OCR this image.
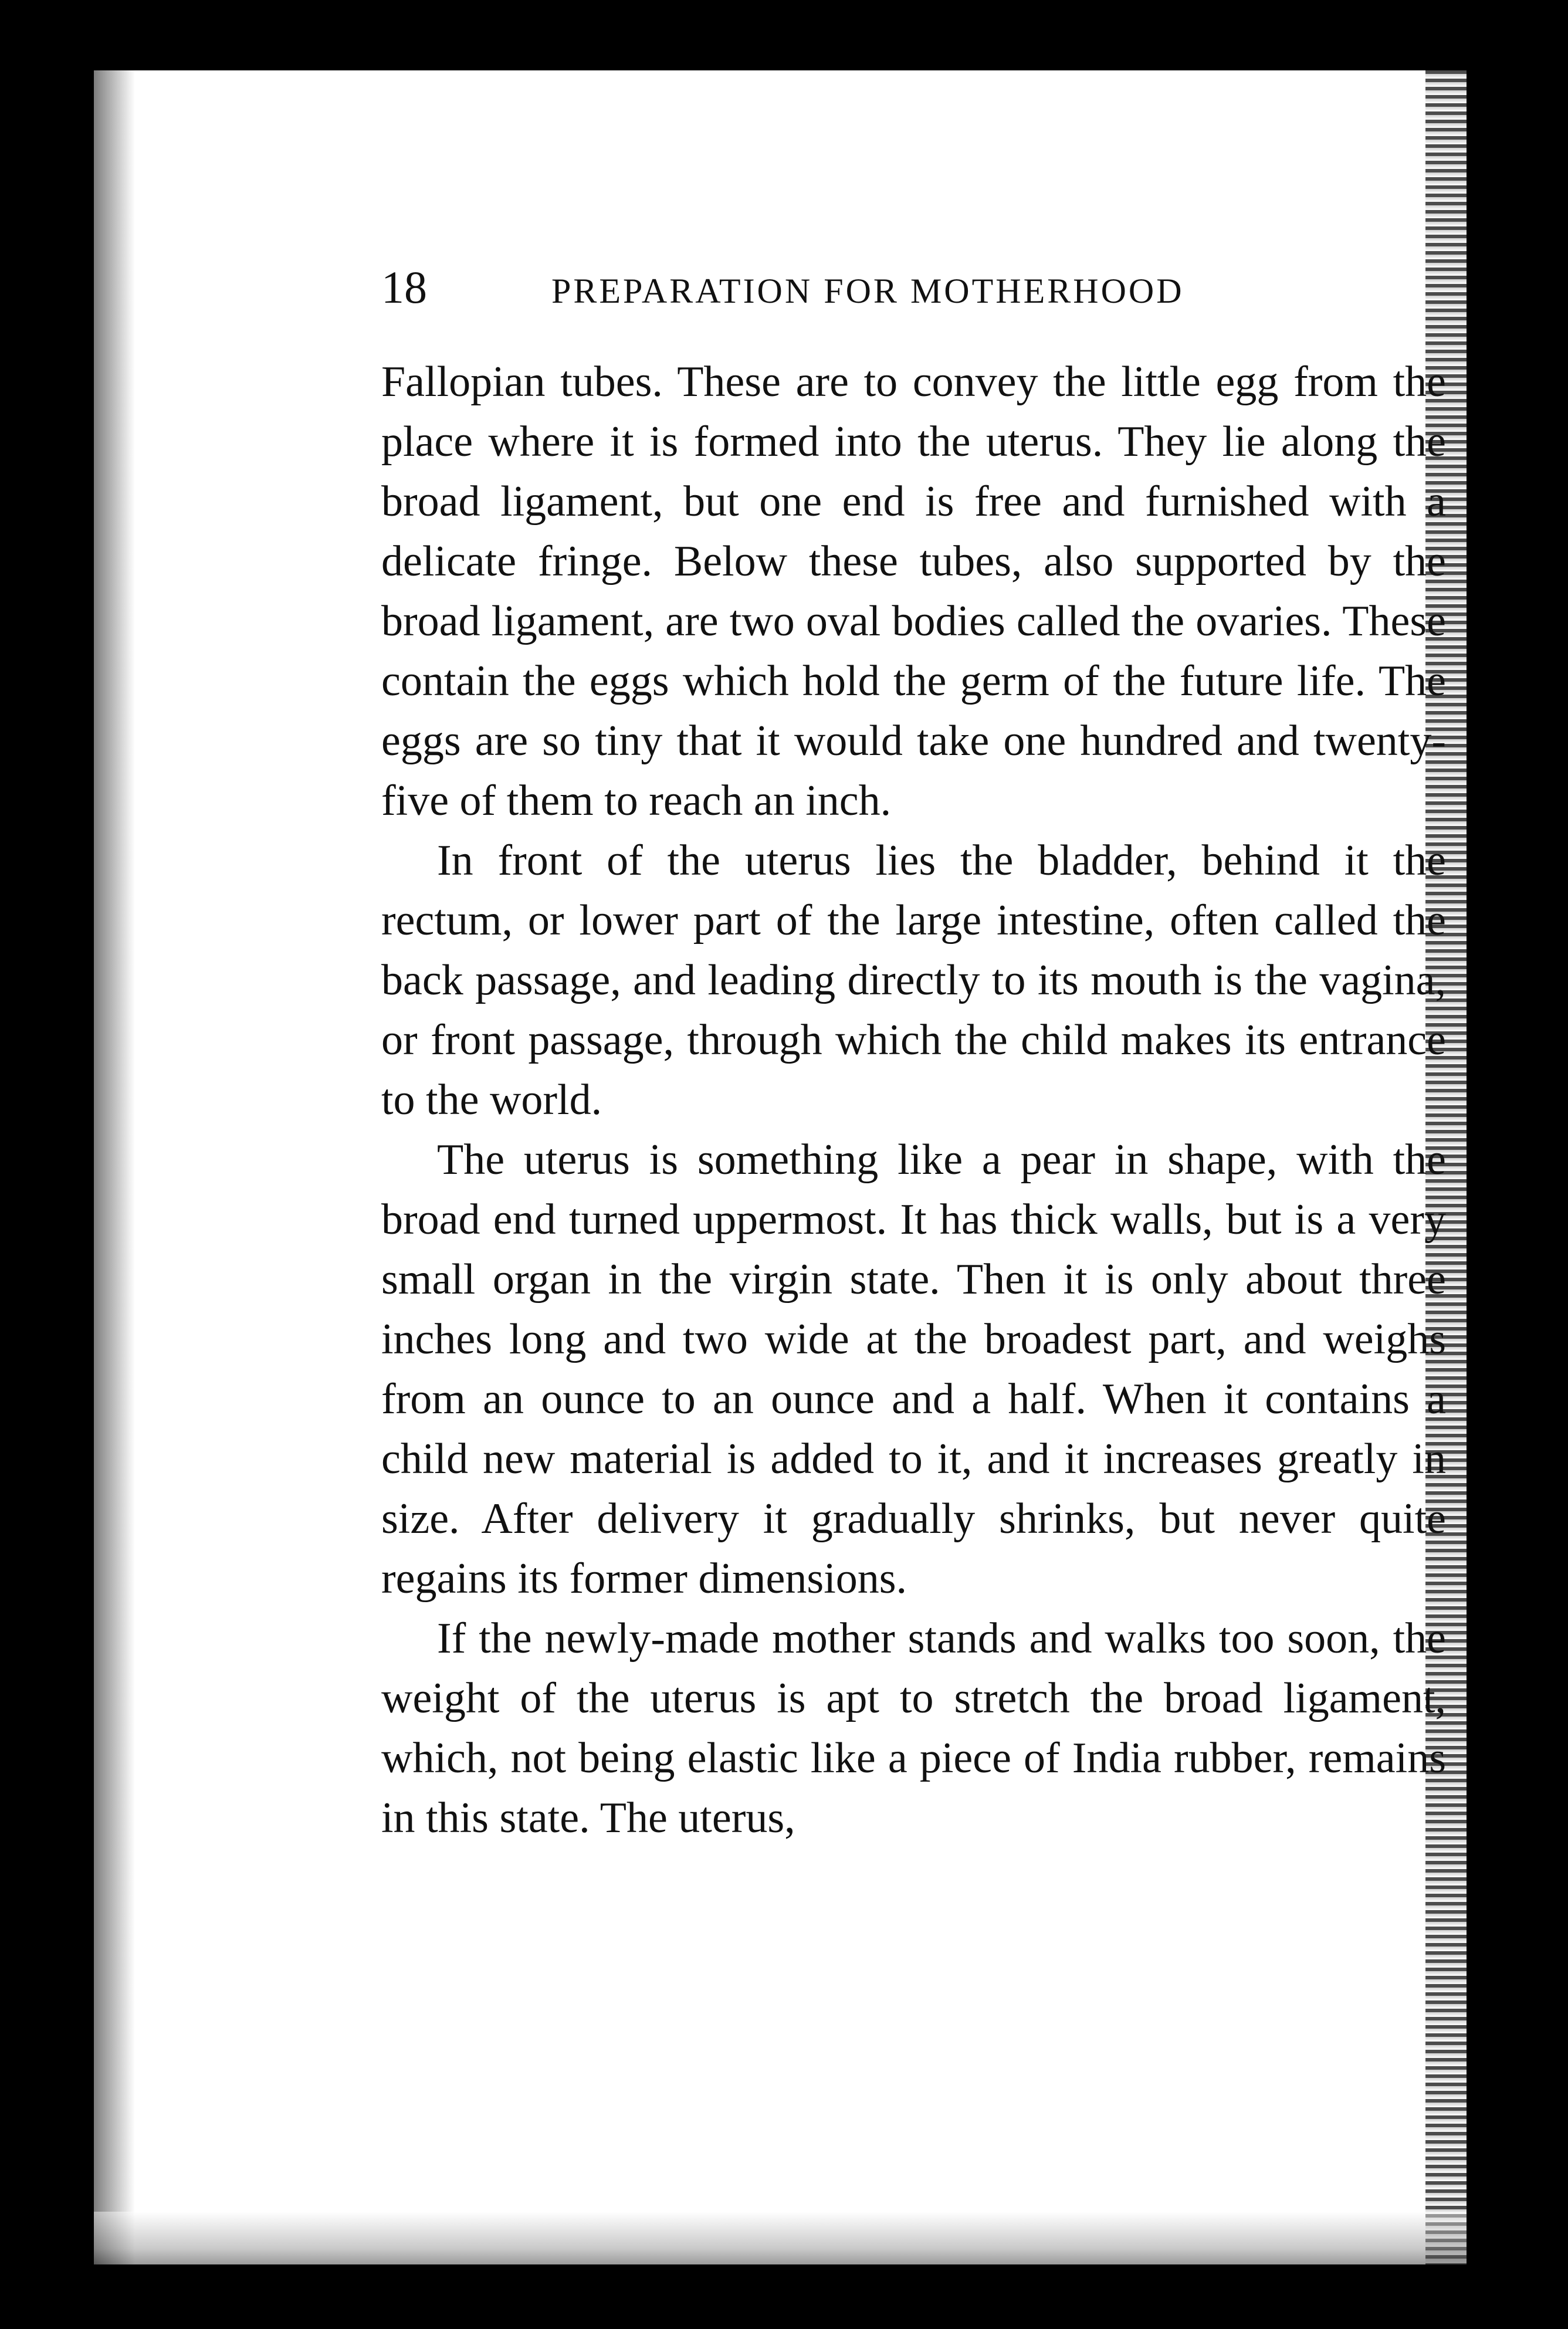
18	PREPARATION FOR MOTHERHOOD

Fallopian tubes. These are to convey the little egg from the place where it is formed into the uterus. They lie along the broad ligament, but one end is free and furnished with a delicate fringe. Below these tubes, also supported by the broad ligament, are two oval bodies called the ovaries. These contain the eggs which hold the germ of the future life. The eggs are so tiny that it would take one hundred and twenty-five of them to reach an inch.

In front of the uterus lies the bladder, behind it the rectum, or lower part of the large intestine, often called the back passage, and leading directly to its mouth is the vagina, or front passage, through which the child makes its entrance to the world.

The uterus is something like a pear in shape, with the broad end turned uppermost. It has thick walls, but is a very small organ in the virgin state. Then it is only about three inches long and two wide at the broadest part, and weighs from an ounce to an ounce and a half. When it contains a child new material is added to it, and it increases greatly in size. After delivery it gradually shrinks, but never quite regains its former dimensions.

If the newly-made mother stands and walks too soon, the weight of the uterus is apt to stretch the broad ligament, which, not being elastic like a piece of India rubber, remains in this state. The uterus,
